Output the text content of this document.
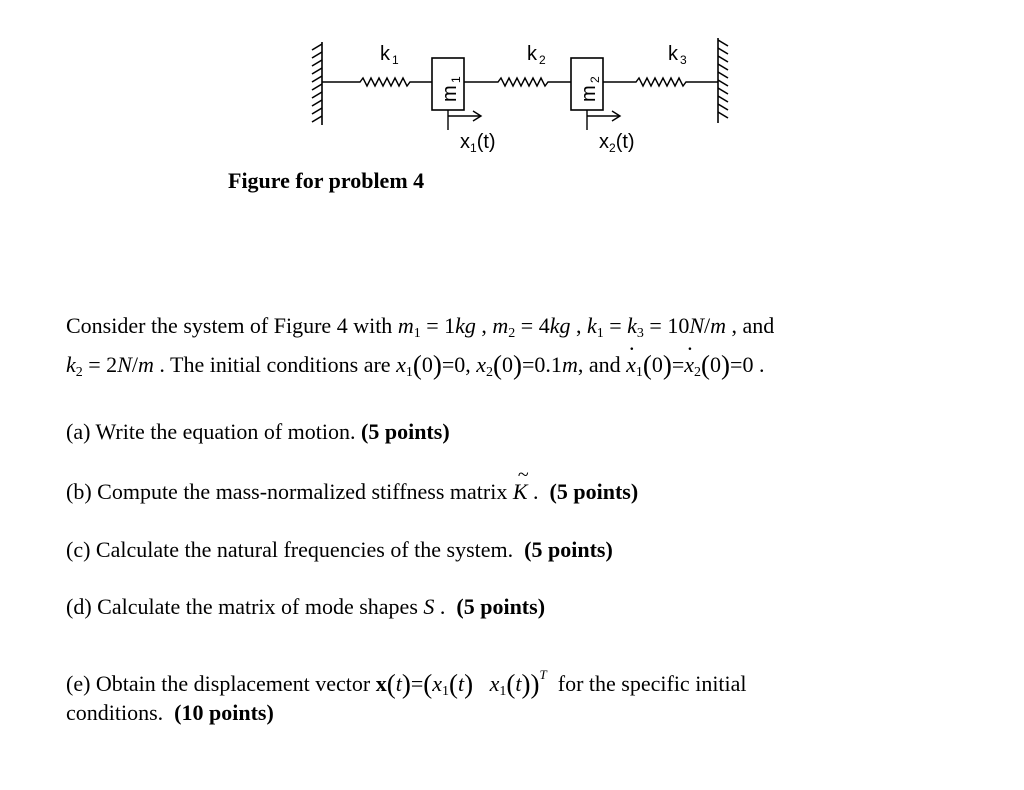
m
1
m
2
k 1	k 2	k 3
$x_1(t)$	$x_2(t)$
Figure for problem 4
Consider the system of Figure 4 with $m_1 = 1kg$ , $m_2 = 4kg$ , $k_1 = k_3 = 10N/m$ , and
$k_2 = 2N/m$ . The initial conditions are $x_1(0)=0$, $x_2(0)=0.1m$, and · $x_1(0)=\cdot x_2(0)=0$ .
(a) Write the equation of motion. (5 points)
(b) Compute the mass-normalized stiffness matrix ~ K .  (5 points)
(c) Calculate the natural frequencies of the system. (5 points)
(d) Calculate the matrix of mode shapes S .  (5 points)
(e) Obtain the displacement vector $x(t)=(x_1(t)$ $x_1(t))^T$ for the specific initial
conditions. (10 points)
